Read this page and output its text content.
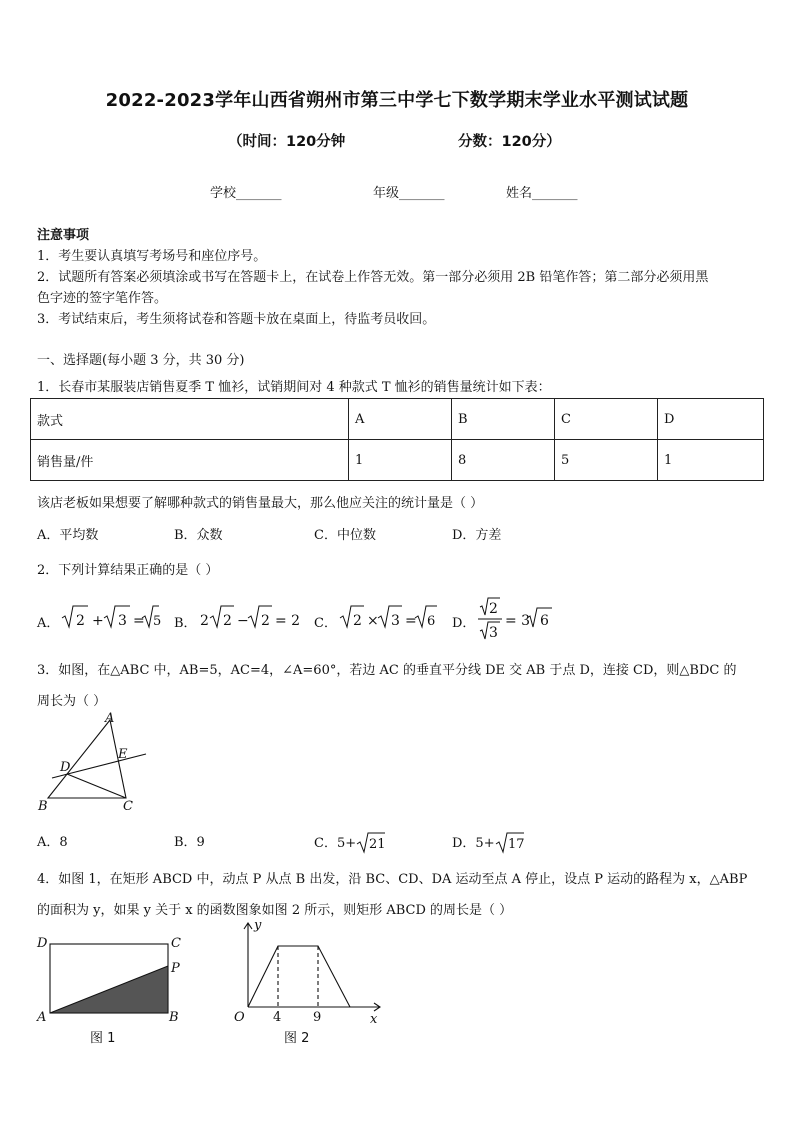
2022-2023学年山西省朔州市第三中学七下数学期末学业水平测试试题
（时间：120分钟	分数：120分）
学校_______	年级_______	姓名_______
注意事项
1．考生要认真填写考场号和座位序号。
2．试题所有答案必须填涂或书写在答题卡上，在试卷上作答无效。第一部分必须用 2B 铅笔作答；第二部分必须用黑
色字迹的签字笔作答。
3．考试结束后，考生须将试卷和答题卡放在桌面上，待监考员收回。
一、选择题(每小题 3 分，共 30 分)
1．长春市某服装店销售夏季 T 恤衫，试销期间对 4 种款式 T 恤衫的销售量统计如下表：
款式	A	B	C	D
销售量/件	1	8	5	1
该店老板如果想要了解哪种款式的销售量最大，那么他应关注的统计量是（ ）
A．平均数	B．众数	C．中位数	D．方差
2．下列计算结果正确的是（ ）
A． 2 + 3 = 5 B． 2 2 − 2 = 2 C． 2 × 3 = 6 D．
2
3
= 3 6
3．如图，在△ABC 中，AB=5，AC=4，∠A=60°，若边 AC 的垂直平分线 DE 交 AB 于点 D，连接 CD，则△BDC 的
周长为（ ）
A
B	C
D
E
A．8	B．9	C．5+ 21	D．5+ 17
4．如图 1，在矩形 ABCD 中，动点 P 从点 B 出发，沿 BC、CD、DA 运动至点 A 停止，设点 P 运动的路程为 x，△ABP
的面积为 y，如果 y 关于 x 的函数图象如图 2 所示，则矩形 ABCD 的周长是（ ）
D	C
P
A	B
图 1
y
x
O 4 9
图 2
